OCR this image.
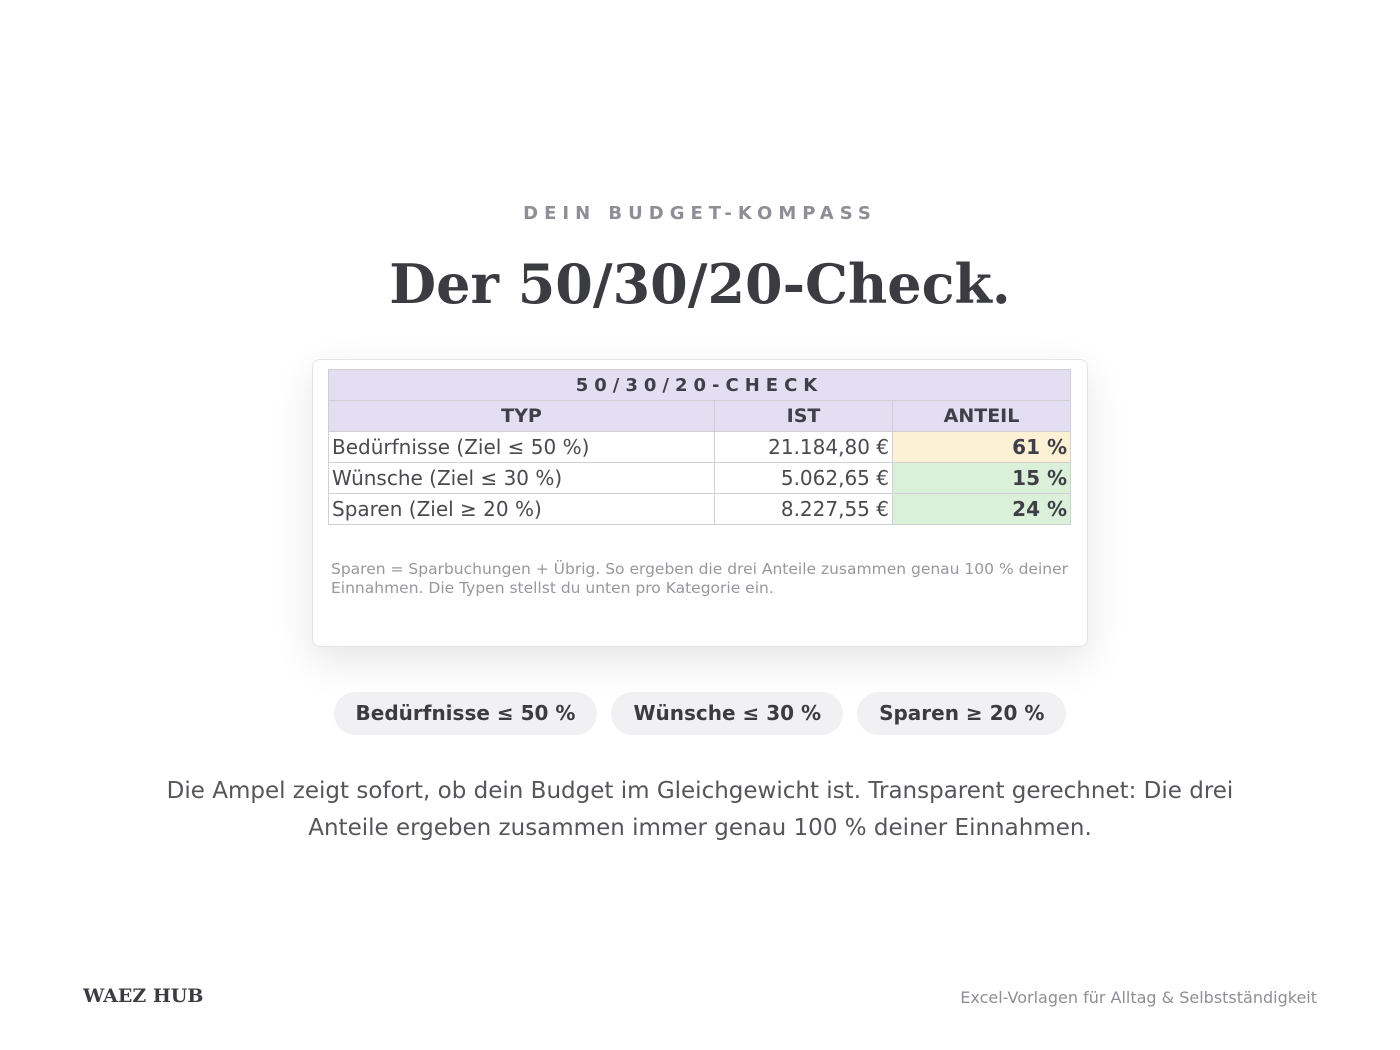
DEIN BUDGET-KOMPASS
Der 50/30/20-Check.
50/30/20-CHECK		
TYP	IST	ANTEIL
Bedürfnisse (Ziel ≤ 50 %)	21.184,80 €	61 %
Wünsche (Ziel ≤ 30 %)	5.062,65 €	15 %
Sparen (Ziel ≥ 20 %)	8.227,55 €	24 %
Sparen = Sparbuchungen + Übrig. So ergeben die drei Anteile zusammen genau 100 % deiner Einnahmen. Die Typen stellst du unten pro Kategorie ein.
Bedürfnisse ≤ 50 %	Wünsche ≤ 30 %	Sparen ≥ 20 %
Die Ampel zeigt sofort, ob dein Budget im Gleichgewicht ist. Transparent gerechnet: Die drei Anteile ergeben zusammen immer genau 100 % deiner Einnahmen.
WAEZ HUB	Excel-Vorlagen für Alltag & Selbstständigkeit
